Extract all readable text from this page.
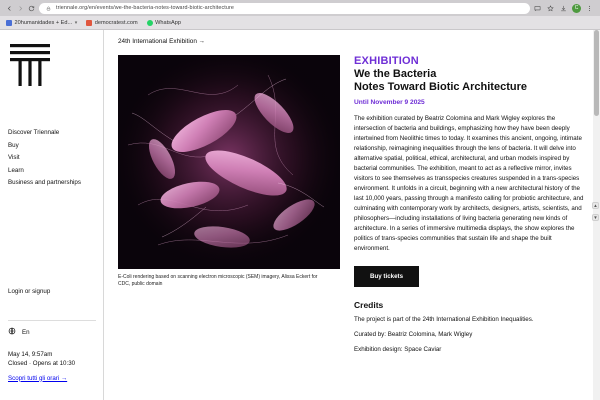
triennale.org/en/events/we-the-bacteria-notes-toward-biotic-architecture	C
20humanidades + Ed... ▾	democratest.com	WhatsApp
Discover Triennale
Buy
Visit
Learn
Business and partnerships
Login or signup
En
May 14, 9:57am
Closed · Opens at 10:30
Scopri tutti gli orari →
24th International Exhibition →
E-Coli rendering based on scanning electron microscopic (SEM) imagery, Alissa Eckert for CDC, public domain
EXHIBITION
We the Bacteria
Notes Toward Biotic Architecture
Until November 9 2025
The exhibition curated by Beatriz Colomina and Mark Wigley explores the intersection of bacteria and buildings, emphasizing how they have been deeply intertwined from Neolithic times to today. It examines this ancient, ongoing, intimate relationship, reimagining inequalities through the lens of bacteria. It will delve into alternative spatial, political, ethical, architectural, and urban models inspired by bacterial communities. The exhibition, meant to act as a reflective mirror, invites visitors to see themselves as transspecies creatures suspended in a trans-species environment. It unfolds in a circuit, beginning with a new architectural history of the last 10,000 years, passing through a manifesto calling for probiotic architecture, and culminating with contemporary work by architects, designers, artists, scientists, and philosophers—including installations of living bacteria generating new kinds of architecture. In a series of immersive multimedia displays, the show explores the politics of trans-species communities that sustain life and shape the built environment.
Buy tickets
Credits
The project is part of the 24th International Exhibition Inequalities.
Curated by: Beatriz Colomina, Mark Wigley
Exhibition design: Space Caviar
▲
▼
